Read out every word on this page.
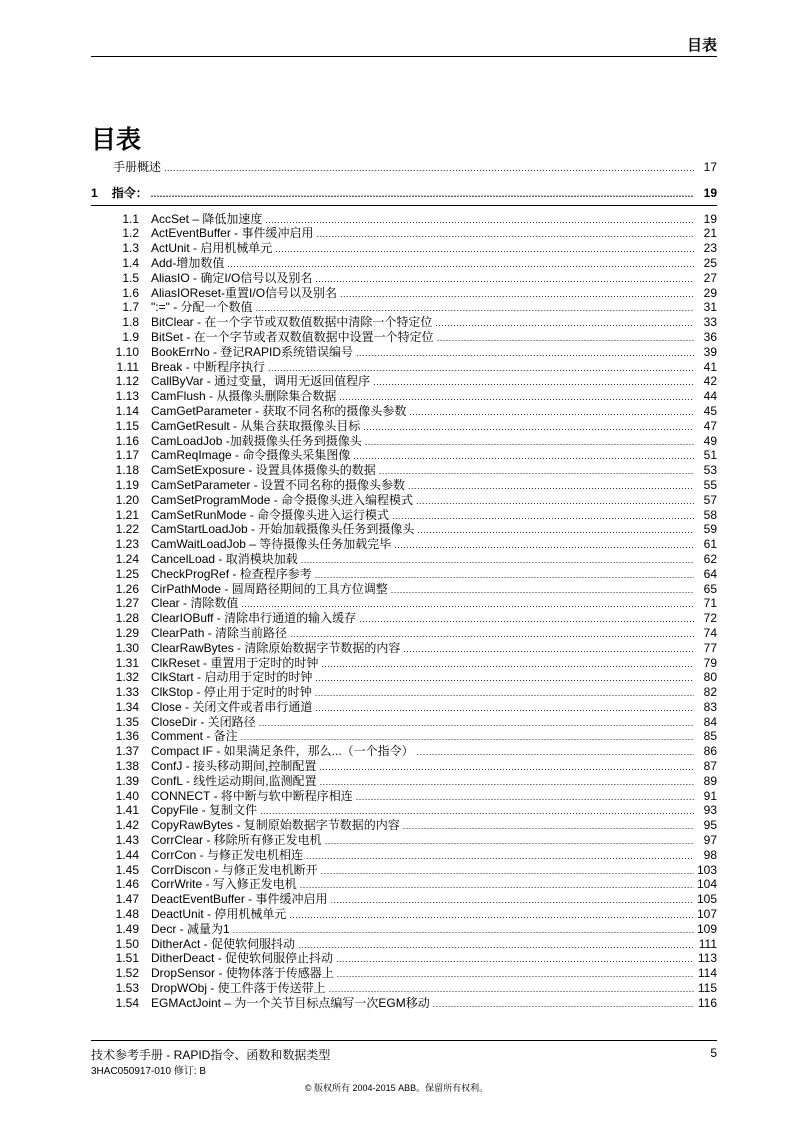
目表
目表
手册概述 .....	17
1 指令： .....	19
1.1 AccSet – 降低加速度 .....	19
1.2 ActEventBuffer - 事件缓冲启用 .....	21
1.3 ActUnit - 启用机械单元 .....	23
1.4 Add-增加数值 .....	25
1.5 AliasIO - 确定I/O信号以及别名 .....	27
1.6 AliasIOReset-重置I/O信号以及别名 .....	29
1.7 ":=" - 分配一个数值 .....	31
1.8 BitClear - 在一个字节或双数值数据中清除一个特定位 .....	33
1.9 BitSet - 在一个字节或者双数值数据中设置一个特定位 .....	36
1.10 BookErrNo - 登记RAPID系统错误编号 .....	39
1.11 Break - 中断程序执行 .....	41
1.12 CallByVar - 通过变量，调用无返回值程序 .....	42
1.13 CamFlush - 从摄像头删除集合数据 .....	44
1.14 CamGetParameter - 获取不同名称的摄像头参数 .....	45
1.15 CamGetResult - 从集合获取摄像头目标 .....	47
1.16 CamLoadJob -加载摄像头任务到摄像头 .....	49
1.17 CamReqImage - 命令摄像头采集图像 .....	51
1.18 CamSetExposure - 设置具体摄像头的数据 .....	53
1.19 CamSetParameter - 设置不同名称的摄像头参数 .....	55
1.20 CamSetProgramMode - 命令摄像头进入编程模式 .....	57
1.21 CamSetRunMode - 命令摄像头进入运行模式 .....	58
1.22 CamStartLoadJob - 开始加载摄像头任务到摄像头 .....	59
1.23 CamWaitLoadJob – 等待摄像头任务加载完毕 .....	61
1.24 CancelLoad - 取消模块加载 .....	62
1.25 CheckProgRef - 检查程序参考 .....	64
1.26 CirPathMode - 圆周路径期间的工具方位调整 .....	65
1.27 Clear - 清除数值 .....	71
1.28 ClearIOBuff - 清除串行通道的输入缓存 .....	72
1.29 ClearPath - 清除当前路径 .....	74
1.30 ClearRawBytes - 清除原始数据字节数据的内容 .....	77
1.31 ClkReset - 重置用于定时的时钟 .....	79
1.32 ClkStart - 启动用于定时的时钟 .....	80
1.33 ClkStop - 停止用于定时的时钟 .....	82
1.34 Close - 关闭文件或者串行通道 .....	83
1.35 CloseDir - 关闭路径 .....	84
1.36 Comment - 备注 .....	85
1.37 Compact IF - 如果满足条件，那么...（一个指令） .....	86
1.38 ConfJ - 接头移动期间,控制配置 .....	87
1.39 ConfL - 线性运动期间,监测配置 .....	89
1.40 CONNECT - 将中断与软中断程序相连 .....	91
1.41 CopyFile - 复制文件 .....	93
1.42 CopyRawBytes - 复制原始数据字节数据的内容 .....	95
1.43 CorrClear - 移除所有修正发电机 .....	97
1.44 CorrCon - 与修正发电机相连 .....	98
1.45 CorrDiscon - 与修正发电机断开 .....	103
1.46 CorrWrite - 写入修正发电机 .....	104
1.47 DeactEventBuffer - 事件缓冲启用 .....	105
1.48 DeactUnit - 停用机械单元 .....	107
1.49 Decr - 减量为1 .....	109
1.50 DitherAct - 促使软伺服抖动 .....	111
1.51 DitherDeact - 促使软伺服停止抖动 .....	113
1.52 DropSensor - 使物体落于传感器上 .....	114
1.53 DropWObj - 使工件落于传送带上 .....	115
1.54 EGMActJoint – 为一个关节目标点编写一次EGM移动 .....	116
技术参考手册 - RAPID指令、函数和数据类型
3HAC050917-010 修订: B
5
© 版权所有 2004-2015 ABB。保留所有权利。
